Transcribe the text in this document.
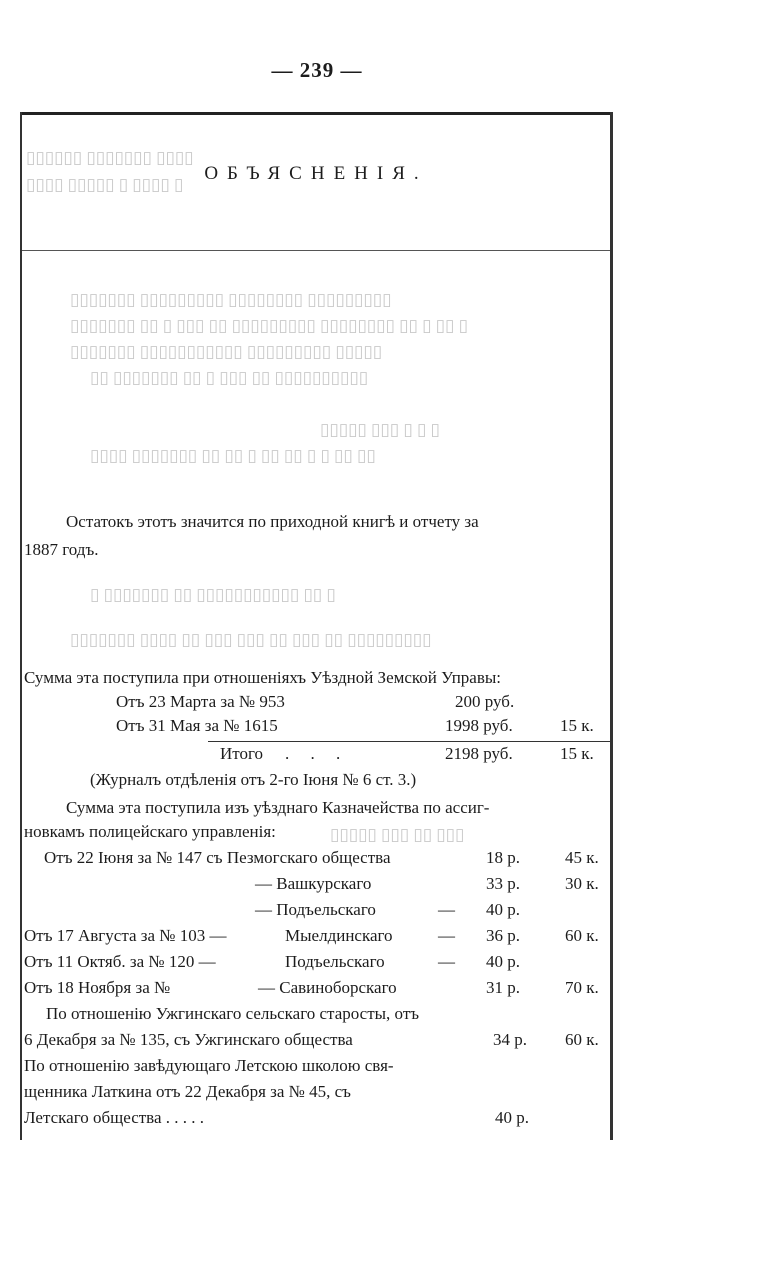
— 239 —
▯▯▯▯▯▯ ▯▯▯▯▯▯▯ ▯▯▯▯
▯▯▯▯ ▯▯▯▯▯ ▯ ▯▯▯▯ ▯
▯▯▯▯▯▯▯ ▯▯▯▯▯▯▯▯▯ ▯▯▯▯▯▯▯▯ ▯▯▯▯▯▯▯▯▯
▯▯▯▯▯▯▯ ▯▯ ▯ ▯▯▯ ▯▯ ▯▯▯▯▯▯▯▯▯ ▯▯▯▯▯▯▯▯ ▯▯ ▯ ▯▯ ▯
▯▯▯▯▯▯▯ ▯▯▯▯▯▯▯▯▯▯▯ ▯▯▯▯▯▯▯▯▯ ▯▯▯▯▯
▯▯ ▯▯▯▯▯▯▯ ▯▯ ▯ ▯▯▯ ▯▯ ▯▯▯▯▯▯▯▯▯▯
▯▯▯▯▯ ▯▯▯ ▯ ▯ ▯
▯▯▯▯ ▯▯▯▯▯▯▯ ▯▯ ▯▯ ▯ ▯▯ ▯▯ ▯ ▯ ▯▯ ▯▯
▯ ▯▯▯▯▯▯▯ ▯▯ ▯▯▯▯▯▯▯▯▯▯▯ ▯▯ ▯
▯▯▯▯▯▯▯ ▯▯▯▯ ▯▯ ▯▯▯ ▯▯▯ ▯▯ ▯▯▯ ▯▯ ▯▯▯▯▯▯▯▯▯
▯▯▯▯▯ ▯▯▯ ▯▯ ▯▯▯
ОБЪЯСНЕНІЯ.
Остатокъ этотъ значится по приходной книгѣ и отчету за
1887 годъ.
Сумма эта поступила при отношеніяхъ Уѣздной Земской Управы:
Отъ 23 Марта за № 953	200 руб.
Отъ 31 Мая за № 1615	1998 руб.	15 к.
Итого .     .     .	2198 руб.	15 к.
(Журналъ отдѣленія отъ 2-го Іюня № 6 ст. 3.)
Сумма эта поступила изъ уѣзднаго Казначейства по ассиг-
новкамъ полицейскаго управленія:
Отъ 22 Іюня за № 147 съ Пезмогскаго общества	18 р.	45 к.
— Вашкурскаго	33 р.	30 к.
— Подъельскаго	— 40 р.
Отъ 17 Августа за № 103 —	Мыелдинскаго	— 36 р.	60 к.
Отъ 11 Октяб. за № 120 —	Подъельскаго	— 40 р.
Отъ 18 Ноября за №	— Савиноборскаго	31 р.	70 к.
По отношенію Ужгинскаго сельскаго старосты, отъ
6 Декабря за № 135, съ Ужгинскаго общества	34 р. 60 к.
По отношенію завѣдующаго Летскою школою свя-
щенника Латкина отъ 22 Декабря за № 45, съ
Летскаго общества . . . . .	40 р.
